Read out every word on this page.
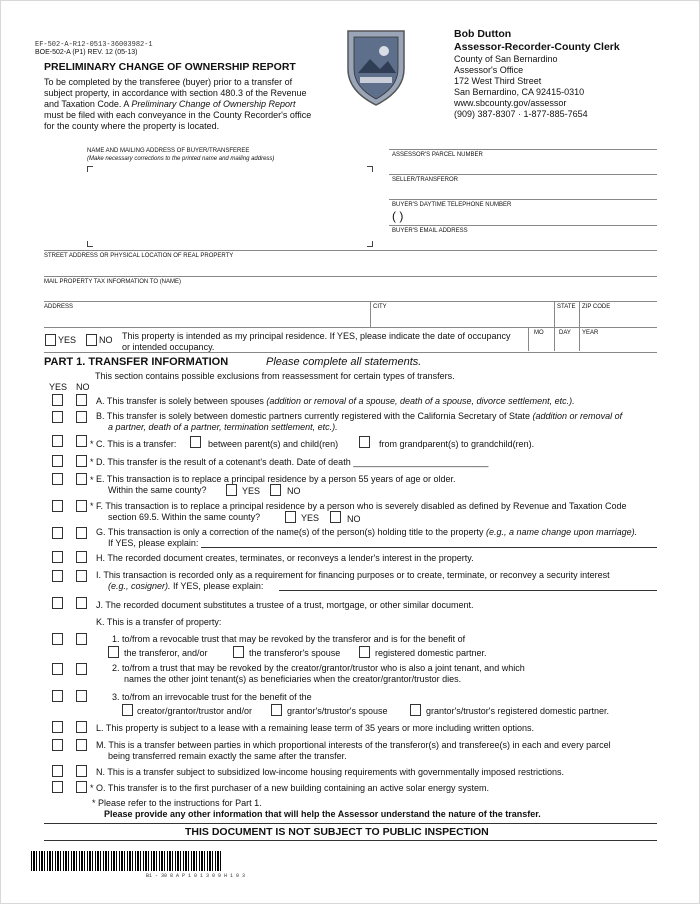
EF-502-A-R12-0513-36003982-1
BOE-502-A (P1) REV. 12 (05-13)
PRELIMINARY CHANGE OF OWNERSHIP REPORT
To be completed by the transferee (buyer) prior to a transfer of
subject property, in accordance with section 480.3 of the Revenue
and Taxation Code. A Preliminary Change of Ownership Report
must be filed with each conveyance in the County Recorder's office
for the county where the property is located.
Bob Dutton
Assessor-Recorder-County Clerk
County of San Bernardino
Assessor's Office
172 West Third Street
San Bernardino, CA 92415-0310
www.sbcounty.gov/assessor
(909) 387-8307 · 1-877-885-7654
NAME AND MAILING ADDRESS OF BUYER/TRANSFEREE
(Make necessary corrections to the printed name and mailing address)
ASSESSOR'S PARCEL NUMBER
SELLER/TRANSFEROR
BUYER'S DAYTIME TELEPHONE NUMBER
( )
BUYER'S EMAIL ADDRESS
STREET ADDRESS OR PHYSICAL LOCATION OF REAL PROPERTY
MAIL PROPERTY TAX INFORMATION TO (NAME)
ADDRESS	CITY	STATE ZIP CODE
YES	NO This property is intended as my principal residence. If YES, please indicate the date of occupancy
or intended occupancy.
MO	DAY YEAR
PART 1. TRANSFER INFORMATION	Please complete all statements.
This section contains possible exclusions from reassessment for certain types of transfers.
YES NO
A. This transfer is solely between spouses (addition or removal of a spouse, death of a spouse, divorce settlement, etc.).
B. This transfer is solely between domestic partners currently registered with the California Secretary of State (addition or removal of
a partner, death of a partner, termination settlement, etc.).
* C. This is a transfer:	between parent(s) and child(ren)	from grandparent(s) to grandchild(ren).
* D. This transfer is the result of a cotenant's death. Date of death ___________________________
* E. This transaction is to replace a principal residence by a person 55 years of age or older.
Within the same county?	YES	NO
* F. This transaction is to replace a principal residence by a person who is severely disabled as defined by Revenue and Taxation Code
section 69.5. Within the same county?	YES	NO
G. This transaction is only a correction of the name(s) of the person(s) holding title to the property (e.g., a name change upon marriage).
If YES, please explain:
H. The recorded document creates, terminates, or reconveys a lender's interest in the property.
I. This transaction is recorded only as a requirement for financing purposes or to create, terminate, or reconvey a security interest
(e.g., cosigner). If YES, please explain:
J. The recorded document substitutes a trustee of a trust, mortgage, or other similar document.
K. This is a transfer of property:
1. to/from a revocable trust that may be revoked by the transferor and is for the benefit of
the transferor, and/or	the transferor's spouse	registered domestic partner.
2. to/from a trust that may be revoked by the creator/grantor/trustor who is also a joint tenant, and which
names the other joint tenant(s) as beneficiaries when the creator/grantor/trustor dies.
3. to/from an irrevocable trust for the benefit of the
creator/grantor/trustor and/or	grantor's/trustor's spouse	grantor's/trustor's registered domestic partner.
L. This property is subject to a lease with a remaining lease term of 35 years or more including written options.
M. This is a transfer between parties in which proportional interests of the transferor(s) and transferee(s) in each and every parcel
being transferred remain exactly the same after the transfer.
N. This is a transfer subject to subsidized low-income housing requirements with governmentally imposed restrictions.
* O. This transfer is to the first purchaser of a new building containing an active solar energy system.
* Please refer to the instructions for Part 1.
Please provide any other information that will help the Assessor understand the nature of the transfer.
THIS DOCUMENT IS NOT SUBJECT TO PUBLIC INSPECTION
B1 - 30 8 A P 1 0 1 3 0 9 H 1 0 3
